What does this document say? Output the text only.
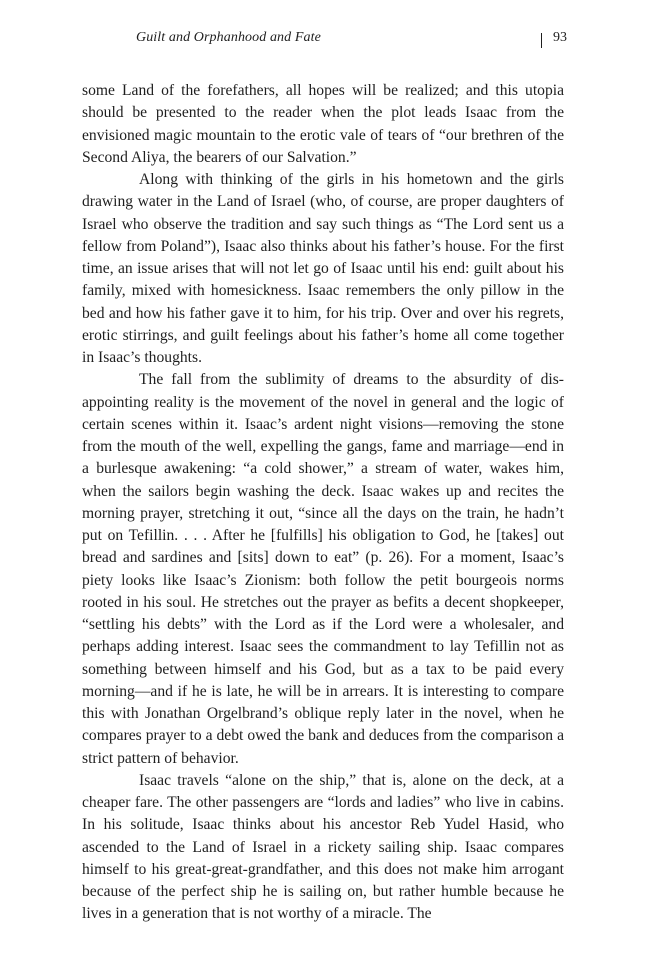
Guilt and Orphanhood and Fate	93

some Land of the forefathers, all hopes will be realized; and this utopia should be presented to the reader when the plot leads Isaac from the envisioned magic mountain to the erotic vale of tears of “our brethren of the Second Aliya, the bearers of our Salvation.”

Along with thinking of the girls in his hometown and the girls drawing water in the Land of Israel (who, of course, are proper daughters of Israel who observe the tradition and say such things as “The Lord sent us a fellow from Poland”), Isaac also thinks about his father’s house. For the first time, an issue arises that will not let go of Isaac until his end: guilt about his family, mixed with homesickness. Isaac remembers the only pillow in the bed and how his father gave it to him, for his trip. Over and over his regrets, erotic stirrings, and guilt feelings about his father’s home all come together in Isaac’s thoughts.

The fall from the sublimity of dreams to the absurdity of disappointing reality is the movement of the novel in general and the logic of certain scenes within it. Isaac’s ardent night visions—removing the stone from the mouth of the well, expelling the gangs, fame and marriage—end in a burlesque awakening: “a cold shower,” a stream of water, wakes him, when the sailors begin washing the deck. Isaac wakes up and recites the morning prayer, stretching it out, “since all the days on the train, he hadn’t put on Tefillin. . . . After he [fulfills] his obligation to God, he [takes] out bread and sardines and [sits] down to eat” (p. 26). For a moment, Isaac’s piety looks like Isaac’s Zionism: both follow the petit bourgeois norms rooted in his soul. He stretches out the prayer as befits a decent shopkeeper, “settling his debts” with the Lord as if the Lord were a wholesaler, and perhaps adding interest. Isaac sees the commandment to lay Tefillin not as something between himself and his God, but as a tax to be paid every morning—and if he is late, he will be in arrears. It is interesting to compare this with Jonathan Orgelbrand’s oblique reply later in the novel, when he compares prayer to a debt owed the bank and deduces from the comparison a strict pattern of behavior.

Isaac travels “alone on the ship,” that is, alone on the deck, at a cheaper fare. The other passengers are “lords and ladies” who live in cabins. In his solitude, Isaac thinks about his ancestor Reb Yudel Hasid, who ascended to the Land of Israel in a rickety sailing ship. Isaac compares himself to his great-great-grandfather, and this does not make him arrogant because of the perfect ship he is sailing on, but rather humble because he lives in a generation that is not worthy of a miracle. The
